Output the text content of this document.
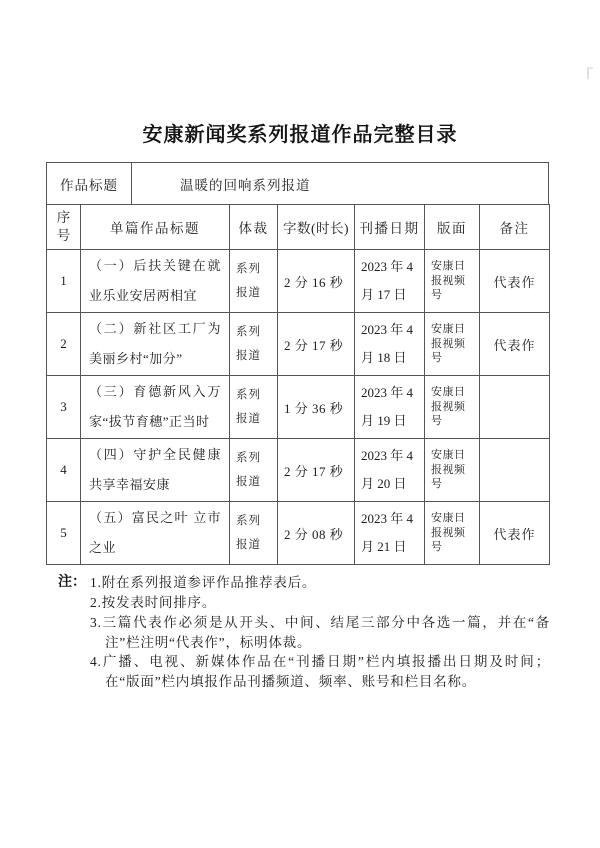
安康新闻奖系列报道作品完整目录
作品标题	温暖的回响系列报道
序号	单篇作品标题	体裁	字数(时长)	刊播日期	版面	备注
1	（一）后扶关键在就业乐业安居两相宜	系列报道	2 分 16 秒	2023 年 4 月 17 日	安康日报视频号	代表作
2	（二）新社区工厂为美丽乡村“加分”	系列报道	2 分 17 秒	2023 年 4 月 18 日	安康日报视频号	代表作
3	（三）育德新风入万家“拔节育穗”正当时	系列报道	1 分 36 秒	2023 年 4 月 19 日	安康日报视频号	
4	（四）守护全民健康 共享幸福安康	系列报道	2 分 17 秒	2023 年 4 月 20 日	安康日报视频号	
5	（五）富民之叶 立市之业	系列报道	2 分 08 秒	2023 年 4 月 21 日	安康日报视频号	代表作
注： 1.附在系列报道参评作品推荐表后。

2.按发表时间排序。

3.三篇代表作必须是从开头、中间、结尾三部分中各选一篇，并在“备注”栏注明“代表作”，标明体裁。

4.广播、电视、新媒体作品在“刊播日期”栏内填报播出日期及时间；在“版面”栏内填报作品刊播频道、频率、账号和栏目名称。
